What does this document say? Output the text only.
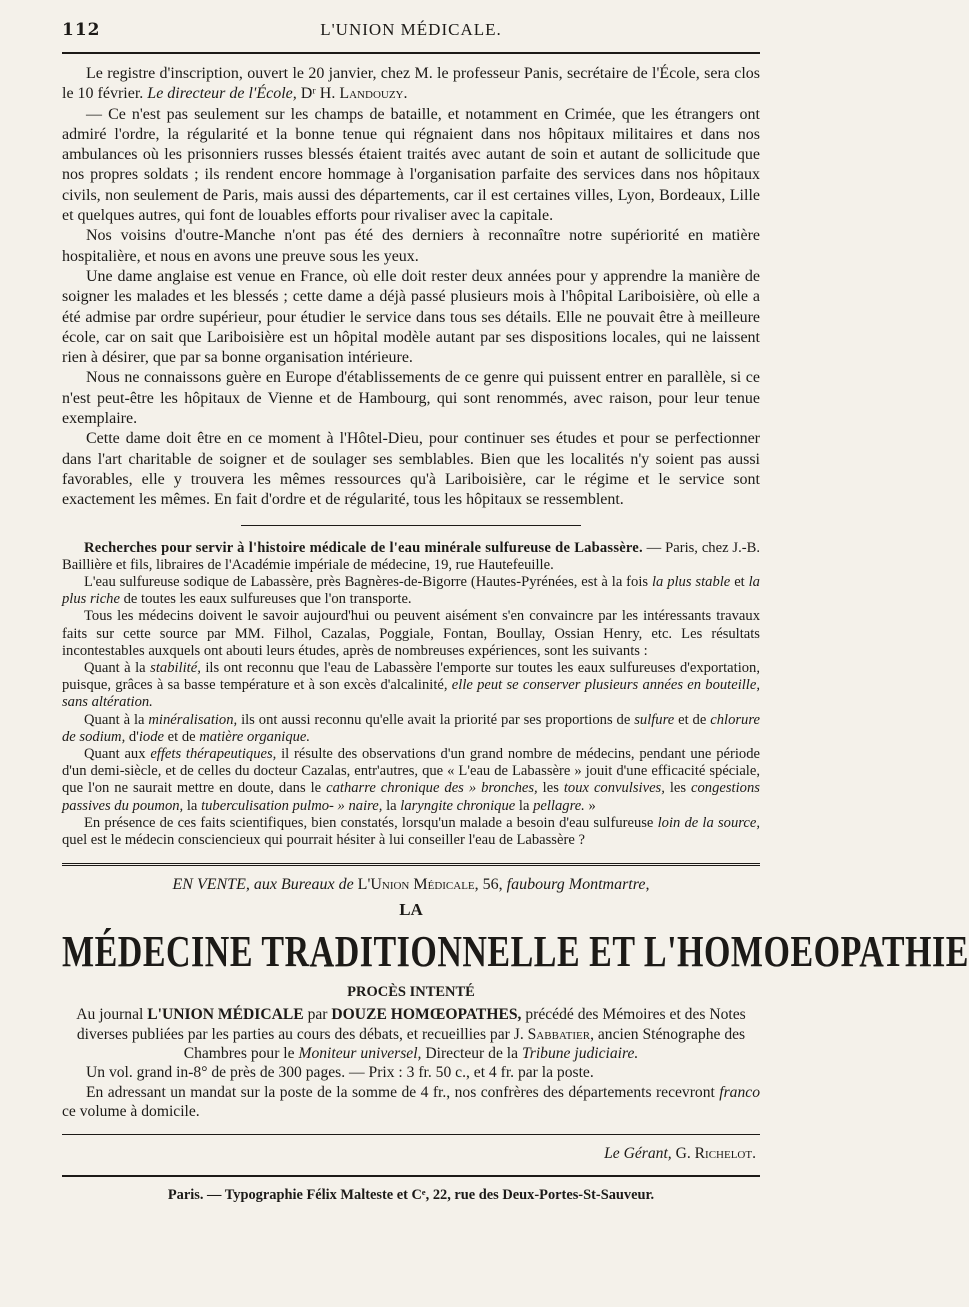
112	L'UNION MÉDICALE.

Le registre d'inscription, ouvert le 20 janvier, chez M. le professeur Panis, secrétaire de l'École, sera clos le 10 février. Le directeur de l'École, Dʳ H. Landouzy.

— Ce n'est pas seulement sur les champs de bataille, et notamment en Crimée, que les étrangers ont admiré l'ordre, la régularité et la bonne tenue qui régnaient dans nos hôpitaux militaires et dans nos ambulances où les prisonniers russes blessés étaient traités avec autant de soin et autant de sollicitude que nos propres soldats ; ils rendent encore hommage à l'organisation parfaite des services dans nos hôpitaux civils, non seulement de Paris, mais aussi des départements, car il est certaines villes, Lyon, Bordeaux, Lille et quelques autres, qui font de louables efforts pour rivaliser avec la capitale.

Nos voisins d'outre-Manche n'ont pas été des derniers à reconnaître notre supériorité en matière hospitalière, et nous en avons une preuve sous les yeux.

Une dame anglaise est venue en France, où elle doit rester deux années pour y apprendre la manière de soigner les malades et les blessés ; cette dame a déjà passé plusieurs mois à l'hôpital Lariboisière, où elle a été admise par ordre supérieur, pour étudier le service dans tous ses détails. Elle ne pouvait être à meilleure école, car on sait que Lariboisière est un hôpital modèle autant par ses dispositions locales, qui ne laissent rien à désirer, que par sa bonne organisation intérieure.

Nous ne connaissons guère en Europe d'établissements de ce genre qui puissent entrer en parallèle, si ce n'est peut-être les hôpitaux de Vienne et de Hambourg, qui sont renommés, avec raison, pour leur tenue exemplaire.

Cette dame doit être en ce moment à l'Hôtel-Dieu, pour continuer ses études et pour se perfectionner dans l'art charitable de soigner et de soulager ses semblables. Bien que les localités n'y soient pas aussi favorables, elle y trouvera les mêmes ressources qu'à Lariboisière, car le régime et le service sont exactement les mêmes. En fait d'ordre et de régularité, tous les hôpitaux se ressemblent.

Recherches pour servir à l'histoire médicale de l'eau minérale sulfureuse de Labassère. — Paris, chez J.-B. Baillière et fils, libraires de l'Académie impériale de médecine, 19, rue Hautefeuille.

L'eau sulfureuse sodique de Labassère, près Bagnères-de-Bigorre (Hautes-Pyrénées, est à la fois la plus stable et la plus riche de toutes les eaux sulfureuses que l'on transporte.

Tous les médecins doivent le savoir aujourd'hui ou peuvent aisément s'en convaincre par les intéressants travaux faits sur cette source par MM. Filhol, Cazalas, Poggiale, Fontan, Boullay, Ossian Henry, etc. Les résultats incontestables auxquels ont abouti leurs études, après de nombreuses expériences, sont les suivants :

Quant à la stabilité, ils ont reconnu que l'eau de Labassère l'emporte sur toutes les eaux sulfureuses d'exportation, puisque, grâces à sa basse température et à son excès d'alcalinité, elle peut se conserver plusieurs années en bouteille, sans altération.

Quant à la minéralisation, ils ont aussi reconnu qu'elle avait la priorité par ses proportions de sulfure et de chlorure de sodium, d'iode et de matière organique.

Quant aux effets thérapeutiques, il résulte des observations d'un grand nombre de médecins, pendant une période d'un demi-siècle, et de celles du docteur Cazalas, entr'autres, que « L'eau de Labassère » jouit d'une efficacité spéciale, que l'on ne saurait mettre en doute, dans le catharre chronique des » bronches, les toux convulsives, les congestions passives du poumon, la tuberculisation pulmo- » naire, la laryngite chronique la pellagre. »

En présence de ces faits scientifiques, bien constatés, lorsqu'un malade a besoin d'eau sulfureuse loin de la source, quel est le médecin consciencieux qui pourrait hésiter à lui conseiller l'eau de Labassère ?

EN VENTE, aux Bureaux de L'Union Médicale, 56, faubourg Montmartre,

LA
MÉDECINE TRADITIONNELLE ET L'HOMOEOPATHIE
PROCÈS INTENTÉ

Au journal L'UNION MÉDICALE par DOUZE HOMŒOPATHES, précédé des Mémoires et des Notes diverses publiées par les parties au cours des débats, et recueillies par J. Sabbatier, ancien Sténographe des Chambres pour le Moniteur universel, Directeur de la Tribune judiciaire.

Un vol. grand in-8° de près de 300 pages. — Prix : 3 fr. 50 c., et 4 fr. par la poste.

En adressant un mandat sur la poste de la somme de 4 fr., nos confrères des départements recevront franco ce volume à domicile.

Le Gérant, G. Richelot.
Paris. — Typographie Félix Malteste et Cᵉ, 22, rue des Deux-Portes-St-Sauveur.
